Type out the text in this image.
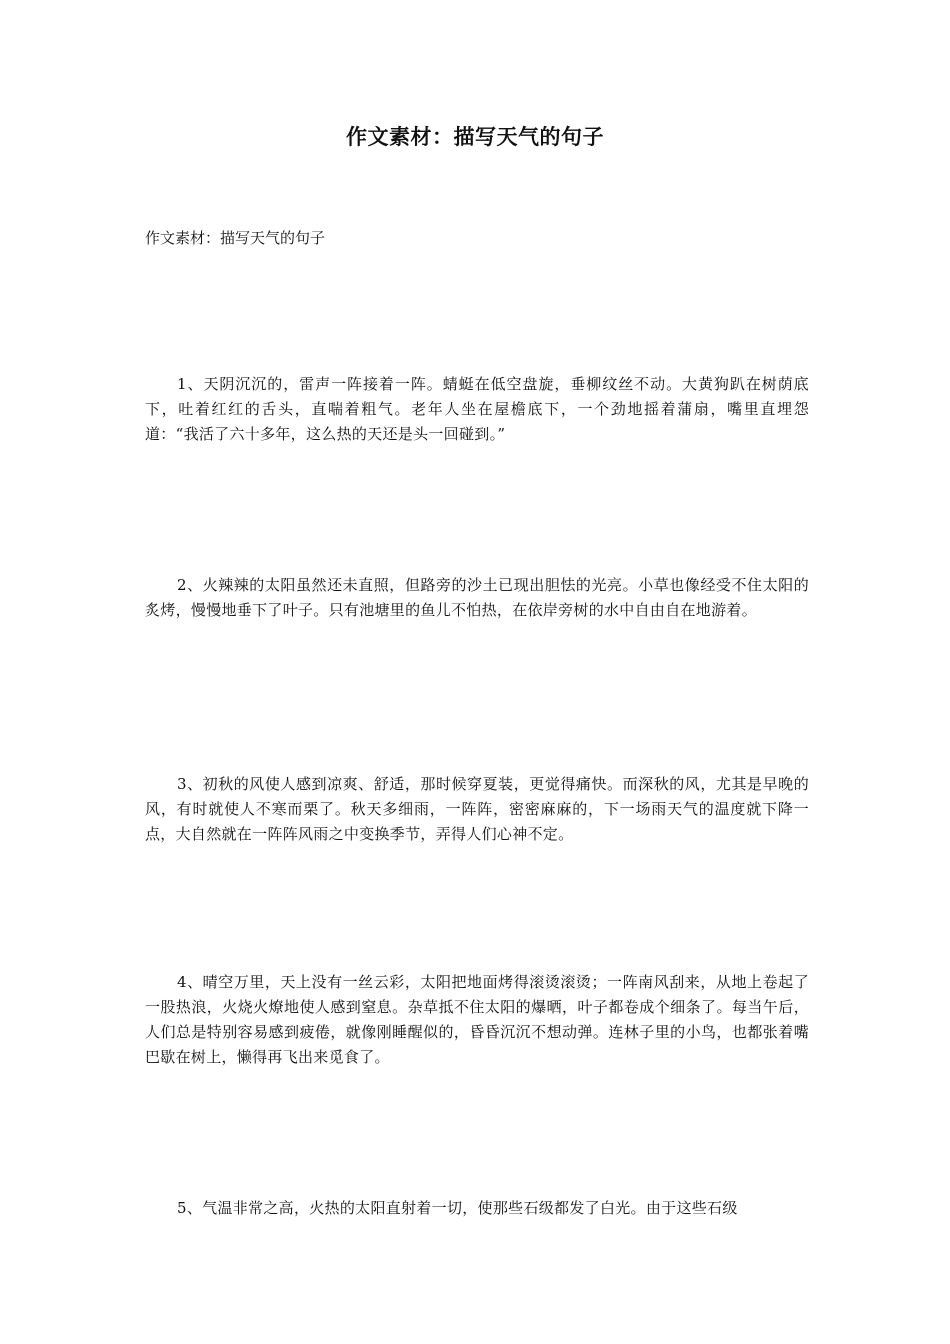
作文素材：描写天气的句子

作文素材：描写天气的句子

1、天阴沉沉的，雷声一阵接着一阵。蜻蜓在低空盘旋，垂柳纹丝不动。大黄狗趴在树荫底下，吐着红红的舌头，直喘着粗气。老年人坐在屋檐底下，一个劲地摇着蒲扇，嘴里直埋怨道：“我活了六十多年，这么热的天还是头一回碰到。”

2、火辣辣的太阳虽然还未直照，但路旁的沙土已现出胆怯的光亮。小草也像经受不住太阳的炙烤，慢慢地垂下了叶子。只有池塘里的鱼儿不怕热，在依岸旁树的水中自由自在地游着。

3、初秋的风使人感到凉爽、舒适，那时候穿夏装，更觉得痛快。而深秋的风，尤其是早晚的风，有时就使人不寒而栗了。秋天多细雨，一阵阵，密密麻麻的，下一场雨天气的温度就下降一点，大自然就在一阵阵风雨之中变换季节，弄得人们心神不定。

4、晴空万里，天上没有一丝云彩，太阳把地面烤得滚烫滚烫；一阵南风刮来，从地上卷起了一股热浪，火烧火燎地使人感到窒息。杂草抵不住太阳的爆晒，叶子都卷成个细条了。每当午后，人们总是特别容易感到疲倦，就像刚睡醒似的，昏昏沉沉不想动弹。连林子里的小鸟，也都张着嘴巴歇在树上，懒得再飞出来觅食了。

5、气温非常之高，火热的太阳直射着一切，使那些石级都发了白光。由于这些石级
